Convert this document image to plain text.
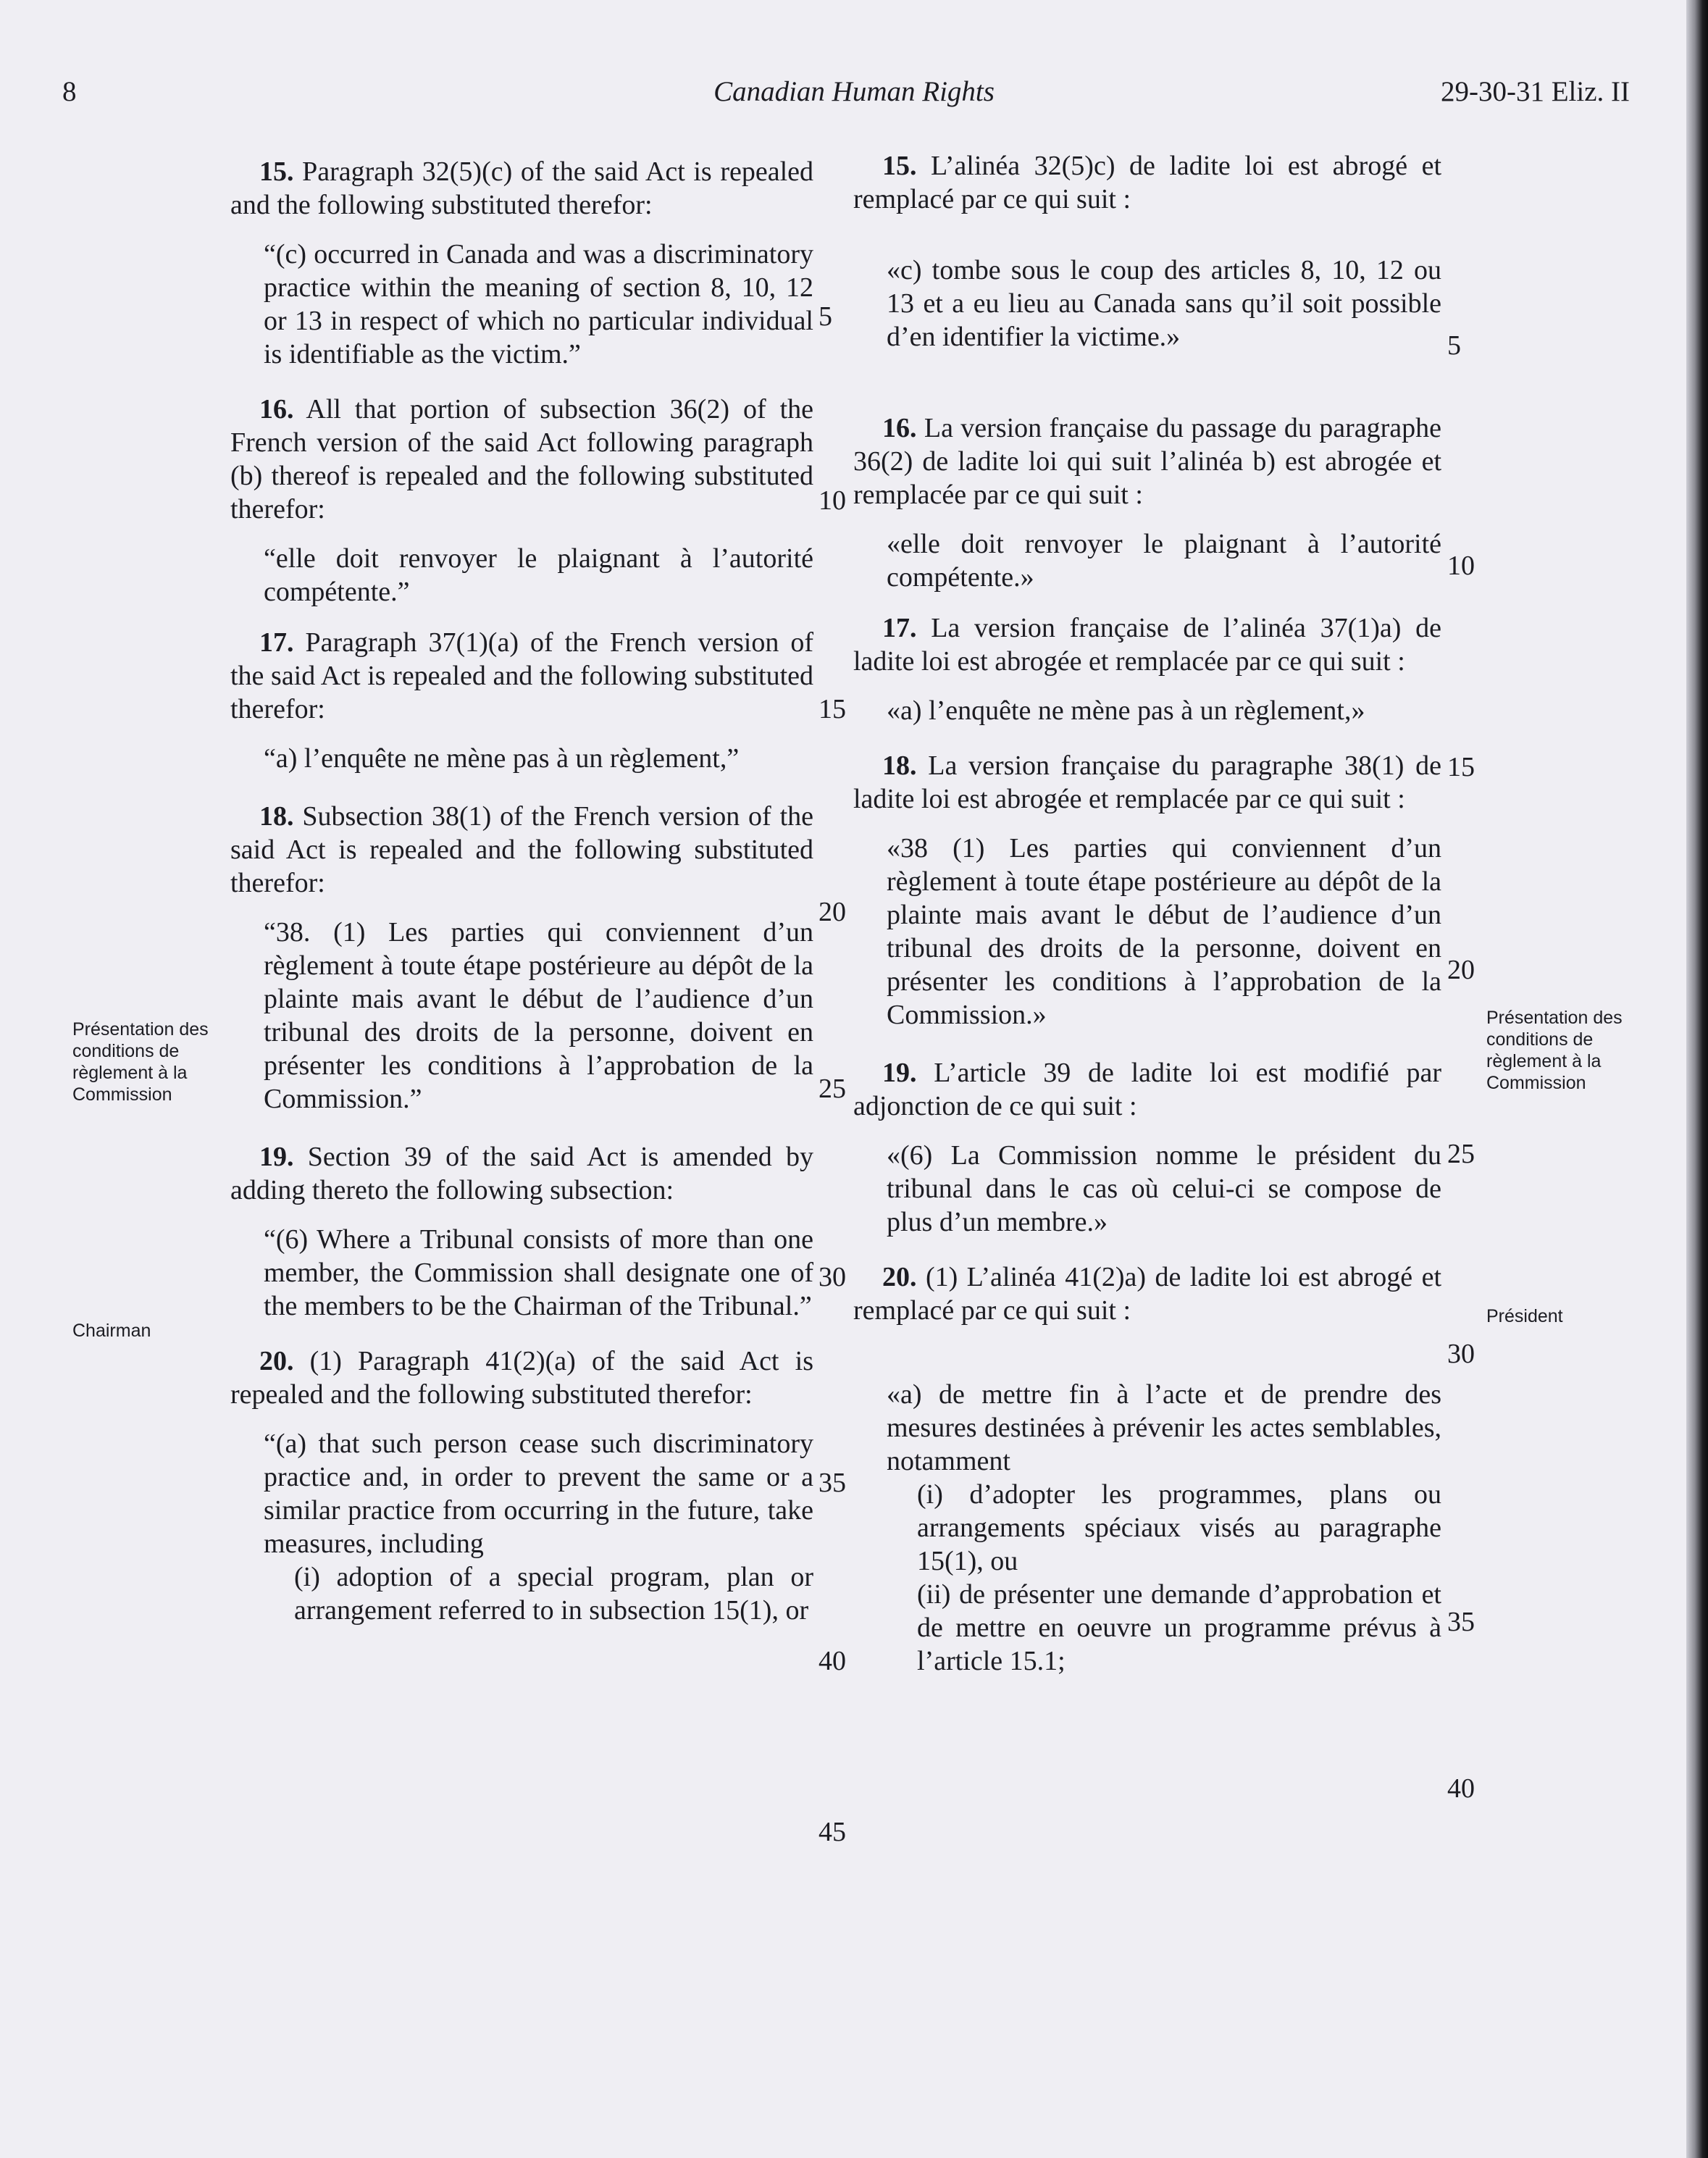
Canadian Human Rights
8	29-30-31 Eliz. II

15. Paragraph 32(5)(c) of the said Act is repealed and the following substituted therefor:

“(c) occurred in Canada and was a discriminatory practice within the meaning of section 8, 10, 12 or 13 in respect of which no particular individual is identifiable as the victim.”

16. All that portion of subsection 36(2) of the French version of the said Act following paragraph (b) thereof is repealed and the following substituted therefor:

“elle doit renvoyer le plaignant à l’autorité compétente.”

17. Paragraph 37(1)(a) of the French version of the said Act is repealed and the following substituted therefor:

“a) l’enquête ne mène pas à un règlement,”

18. Subsection 38(1) of the French version of the said Act is repealed and the following substituted therefor:

“38. (1) Les parties qui conviennent d’un règlement à toute étape postérieure au dépôt de la plainte mais avant le début de l’audience d’un tribunal des droits de la personne, doivent en présenter les conditions à l’approbation de la Commission.”

19. Section 39 of the said Act is amended by adding thereto the following subsection:

“(6) Where a Tribunal consists of more than one member, the Commission shall designate one of the members to be the Chairman of the Tribunal.”

20. (1) Paragraph 41(2)(a) of the said Act is repealed and the following substituted therefor:

“(a) that such person cease such discriminatory practice and, in order to prevent the same or a similar practice from occurring in the future, take measures, including

(i) adoption of a special program, plan or arrangement referred to in subsection 15(1), or

15. L’alinéa 32(5)c) de ladite loi est abrogé et remplacé par ce qui suit :

«c) tombe sous le coup des articles 8, 10, 12 ou 13 et a eu lieu au Canada sans qu’il soit possible d’en identifier la victime.»

16. La version française du passage du paragraphe 36(2) de ladite loi qui suit l’alinéa b) est abrogée et remplacée par ce qui suit :

«elle doit renvoyer le plaignant à l’autorité compétente.»

17. La version française de l’alinéa 37(1)a) de ladite loi est abrogée et remplacée par ce qui suit :

«a) l’enquête ne mène pas à un règlement,»

18. La version française du paragraphe 38(1) de ladite loi est abrogée et remplacée par ce qui suit :

«38 (1) Les parties qui conviennent d’un règlement à toute étape postérieure au dépôt de la plainte mais avant le début de l’audience d’un tribunal des droits de la personne, doivent en présenter les conditions à l’approbation de la Commission.»

19. L’article 39 de ladite loi est modifié par adjonction de ce qui suit :

«(6) La Commission nomme le président du tribunal dans le cas où celui-ci se compose de plus d’un membre.»

20. (1) L’alinéa 41(2)a) de ladite loi est abrogé et remplacé par ce qui suit :

«a) de mettre fin à l’acte et de prendre des mesures destinées à prévenir les actes semblables, notamment

(i) d’adopter les programmes, plans ou arrangements spéciaux visés au paragraphe 15(1), ou

(ii) de présenter une demande d’approbation et de mettre en oeuvre un programme prévus à l’article 15.1;

5
10
15
20
25
30
35
40
45
5
10
15
20
25
30
35
40
Présentation des conditions de règlement à la Commission
Chairman
Présentation des conditions de règlement à la Commission
Président
